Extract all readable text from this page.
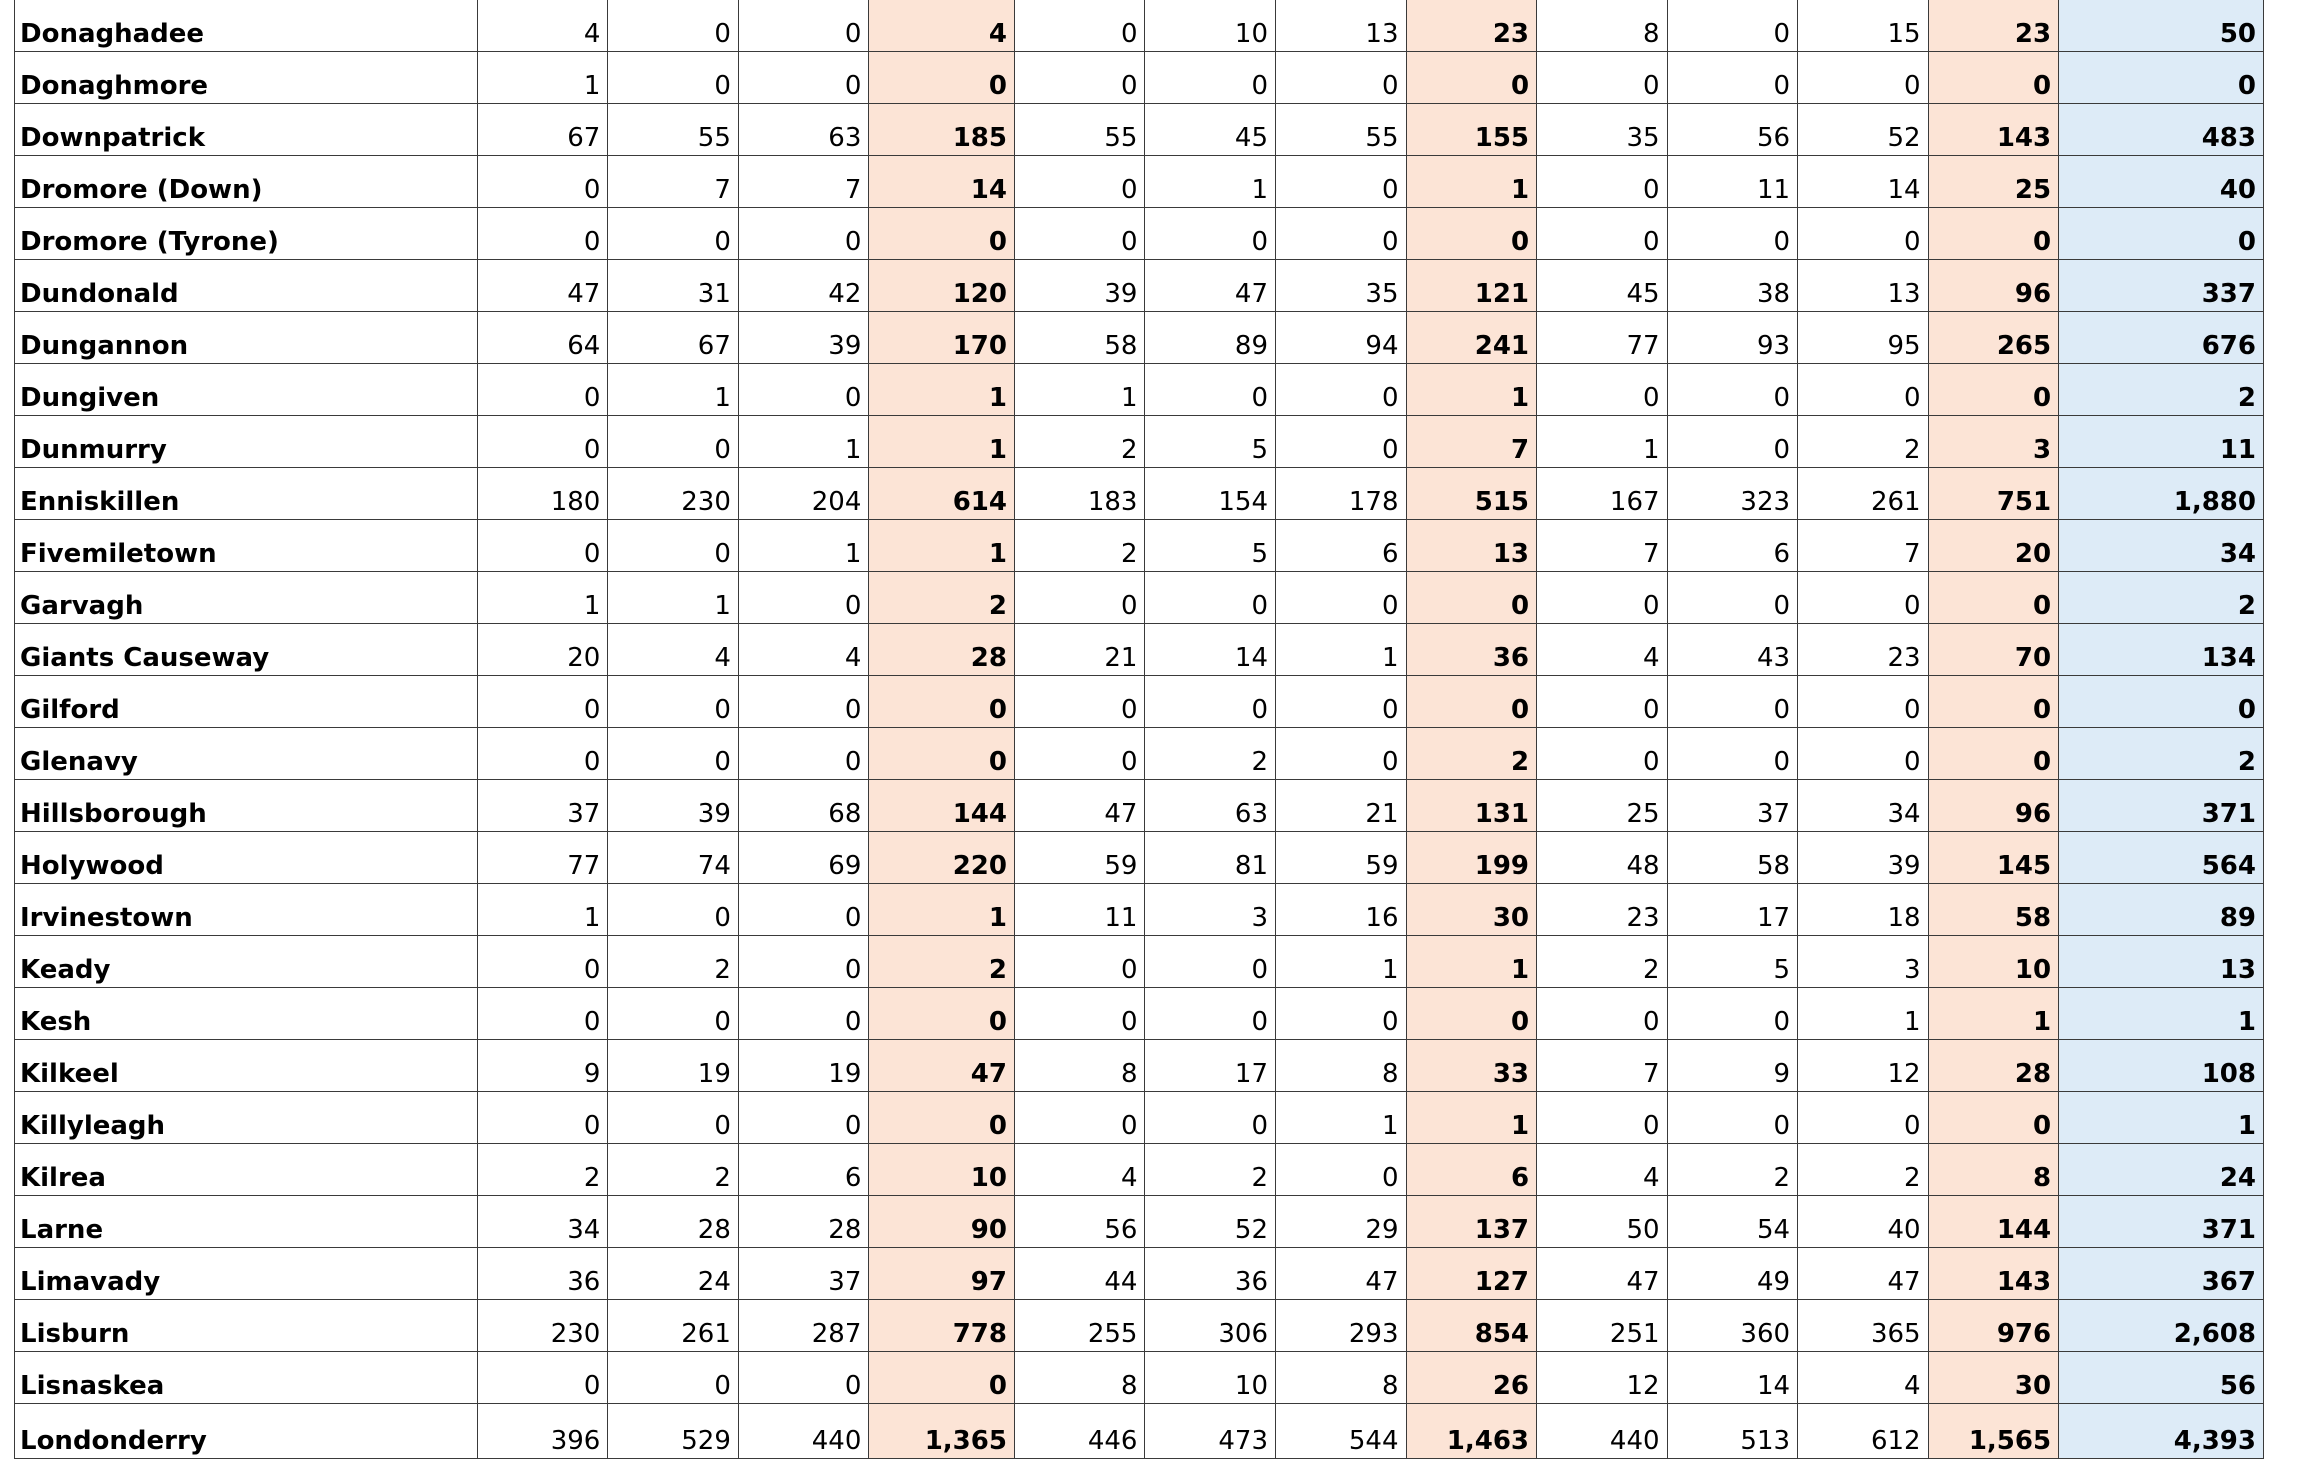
Donaghadee	4	0	0	4	0	10	13	23	8	0	15	23	50
Donaghmore	1	0	0	0	0	0	0	0	0	0	0	0	0
Downpatrick	67	55	63	185	55	45	55	155	35	56	52	143	483
Dromore (Down)	0	7	7	14	0	1	0	1	0	11	14	25	40
Dromore (Tyrone)	0	0	0	0	0	0	0	0	0	0	0	0	0
Dundonald	47	31	42	120	39	47	35	121	45	38	13	96	337
Dungannon	64	67	39	170	58	89	94	241	77	93	95	265	676
Dungiven	0	1	0	1	1	0	0	1	0	0	0	0	2
Dunmurry	0	0	1	1	2	5	0	7	1	0	2	3	11
Enniskillen	180	230	204	614	183	154	178	515	167	323	261	751	1,880
Fivemiletown	0	0	1	1	2	5	6	13	7	6	7	20	34
Garvagh	1	1	0	2	0	0	0	0	0	0	0	0	2
Giants Causeway	20	4	4	28	21	14	1	36	4	43	23	70	134
Gilford	0	0	0	0	0	0	0	0	0	0	0	0	0
Glenavy	0	0	0	0	0	2	0	2	0	0	0	0	2
Hillsborough	37	39	68	144	47	63	21	131	25	37	34	96	371
Holywood	77	74	69	220	59	81	59	199	48	58	39	145	564
Irvinestown	1	0	0	1	11	3	16	30	23	17	18	58	89
Keady	0	2	0	2	0	0	1	1	2	5	3	10	13
Kesh	0	0	0	0	0	0	0	0	0	0	1	1	1
Kilkeel	9	19	19	47	8	17	8	33	7	9	12	28	108
Killyleagh	0	0	0	0	0	0	1	1	0	0	0	0	1
Kilrea	2	2	6	10	4	2	0	6	4	2	2	8	24
Larne	34	28	28	90	56	52	29	137	50	54	40	144	371
Limavady	36	24	37	97	44	36	47	127	47	49	47	143	367
Lisburn	230	261	287	778	255	306	293	854	251	360	365	976	2,608
Lisnaskea	0	0	0	0	8	10	8	26	12	14	4	30	56
Londonderry	396	529	440	1,365	446	473	544	1,463	440	513	612	1,565	4,393
